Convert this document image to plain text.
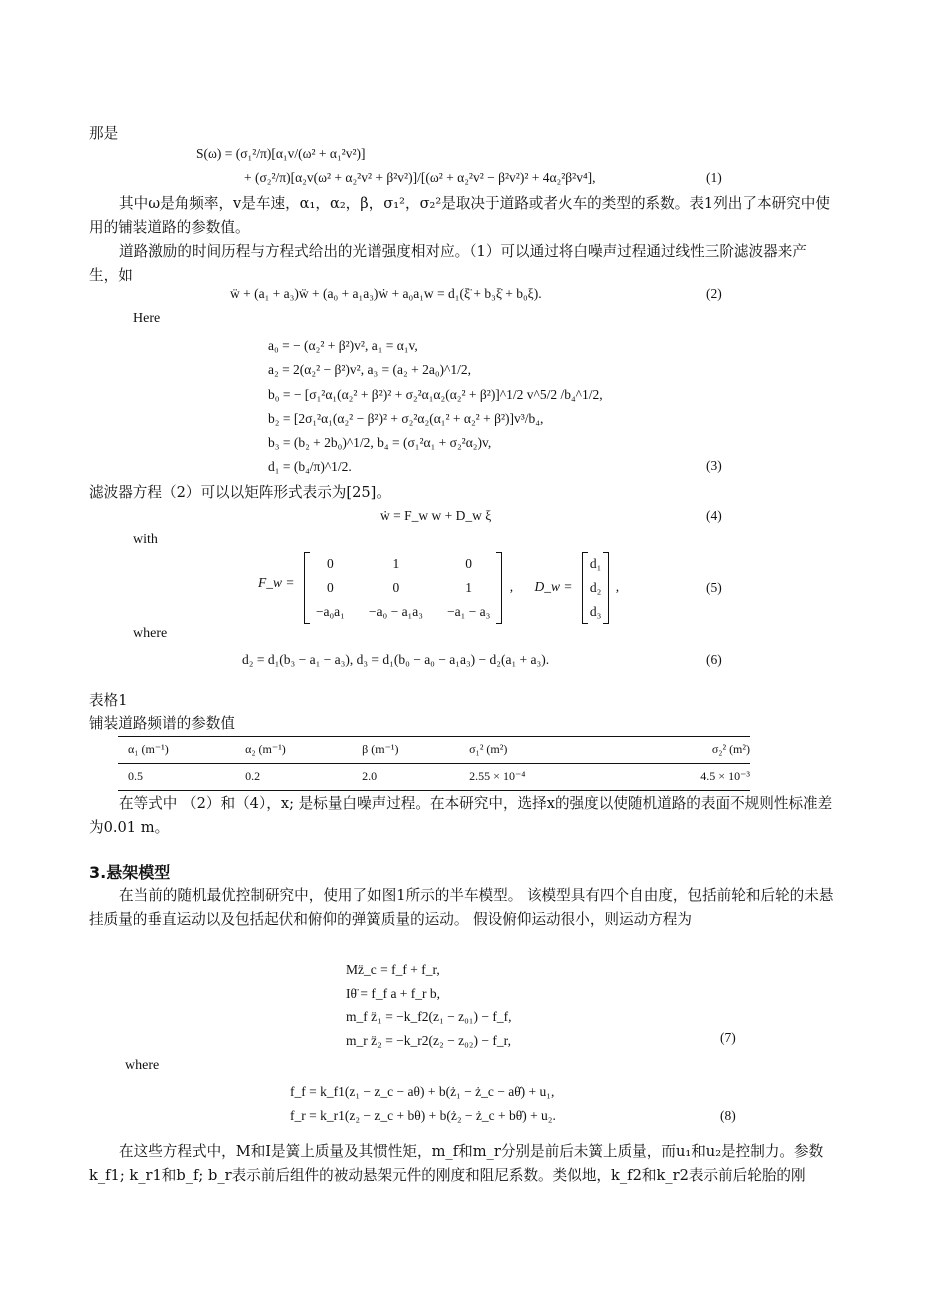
那是
S(ω) = (σ₁²/π)[α₁v/(ω² + α₁²v²)]
+ (σ₂²/π)[α₂v(ω² + α₂²v² + β²v²)]/[(ω² + α₂²v² − β²v²)² + 4α₂²β²v⁴],	(1)
其中ω是角频率，v是车速，α₁，α₂，β，σ₁²，σ₂²是取决于道路或者火车的类型的系数。表1列出了本研究中使用的铺装道路的参数值。
道路激励的时间历程与方程式给出的光谱强度相对应。（1）可以通过将白噪声过程通过线性三阶滤波器来产生，如
ẅ + (a₁ + a₃)ẅ + (a₀ + a₁a₃)ẇ + a₀a₁w = d₁(ξ̈ + b₃ξ̇ + b₀ξ).	(2)
Here
a₀ = − (α₂² + β²)v², a₁ = α₁v,
a₂ = 2(α₂² − β²)v², a₃ = (a₂ + 2a₀)^1/2,
b₀ = − [σ₁²α₁(α₂² + β²)² + σ₂²α₁α₂(α₂² + β²)]^1/2 v^5/2 /b₄^1/2,
b₂ = [2σ₁²α₁(α₂² − β²)² + σ₂²α₂(α₁² + α₂² + β²)]v³/b₄,
b₃ = (b₂ + 2b₀)^1/2, b₄ = (σ₁²α₁ + σ₂²α₂)v,
d₁ = (b₄/π)^1/2.	(3)
滤波器方程（2）可以以矩阵形式表示为[25]。
ẇ = F_w w + D_w ξ	(4)
with
F_w =
0	1	0
0	0	1
−a₀a₁	−a₀ − a₁a₃	−a₁ − a₃
, D_w =
d₁
d₂
d₃
,	(5)
where
d₂ = d₁(b₃ − a₁ − a₃), d₃ = d₁(b₀ − a₀ − a₁a₃) − d₂(a₁ + a₃).	(6)
表格1
铺装道路频谱的参数值
α₁ (m⁻¹)	α₂ (m⁻¹)	β (m⁻¹)	σ₁² (m²)	σ₂² (m²)
0.5	0.2	2.0	2.55 × 10⁻⁴	4.5 × 10⁻³
在等式中 （2）和（4），x; 是标量白噪声过程。在本研究中，选择x的强度以使随机道路的表面不规则性标准差为0.01 m。
3.悬架模型
在当前的随机最优控制研究中，使用了如图1所示的半车模型。 该模型具有四个自由度，包括前轮和后轮的未悬挂质量的垂直运动以及包括起伏和俯仰的弹簧质量的运动。 假设俯仰运动很小，则运动方程为
Mz̈_c = f_f + f_r,
Iθ̈ = f_f a + f_r b,
m_f z̈₁ = −k_f2(z₁ − z₀₁) − f_f,
m_r z̈₂ = −k_r2(z₂ − z₀₂) − f_r,	(7)
where
f_f = k_f1(z₁ − z_c − aθ) + b(ż₁ − ż_c − aθ̇) + u₁,
f_r = k_r1(z₂ − z_c + bθ) + b(ż₂ − ż_c + bθ̇) + u₂.	(8)
在这些方程式中，M和I是簧上质量及其惯性矩，m_f和m_r分别是前后未簧上质量，而u₁和u₂是控制力。参数k_f1; k_r1和b_f; b_r表示前后组件的被动悬架元件的刚度和阻尼系数。类似地，k_f2和k_r2表示前后轮胎的刚
